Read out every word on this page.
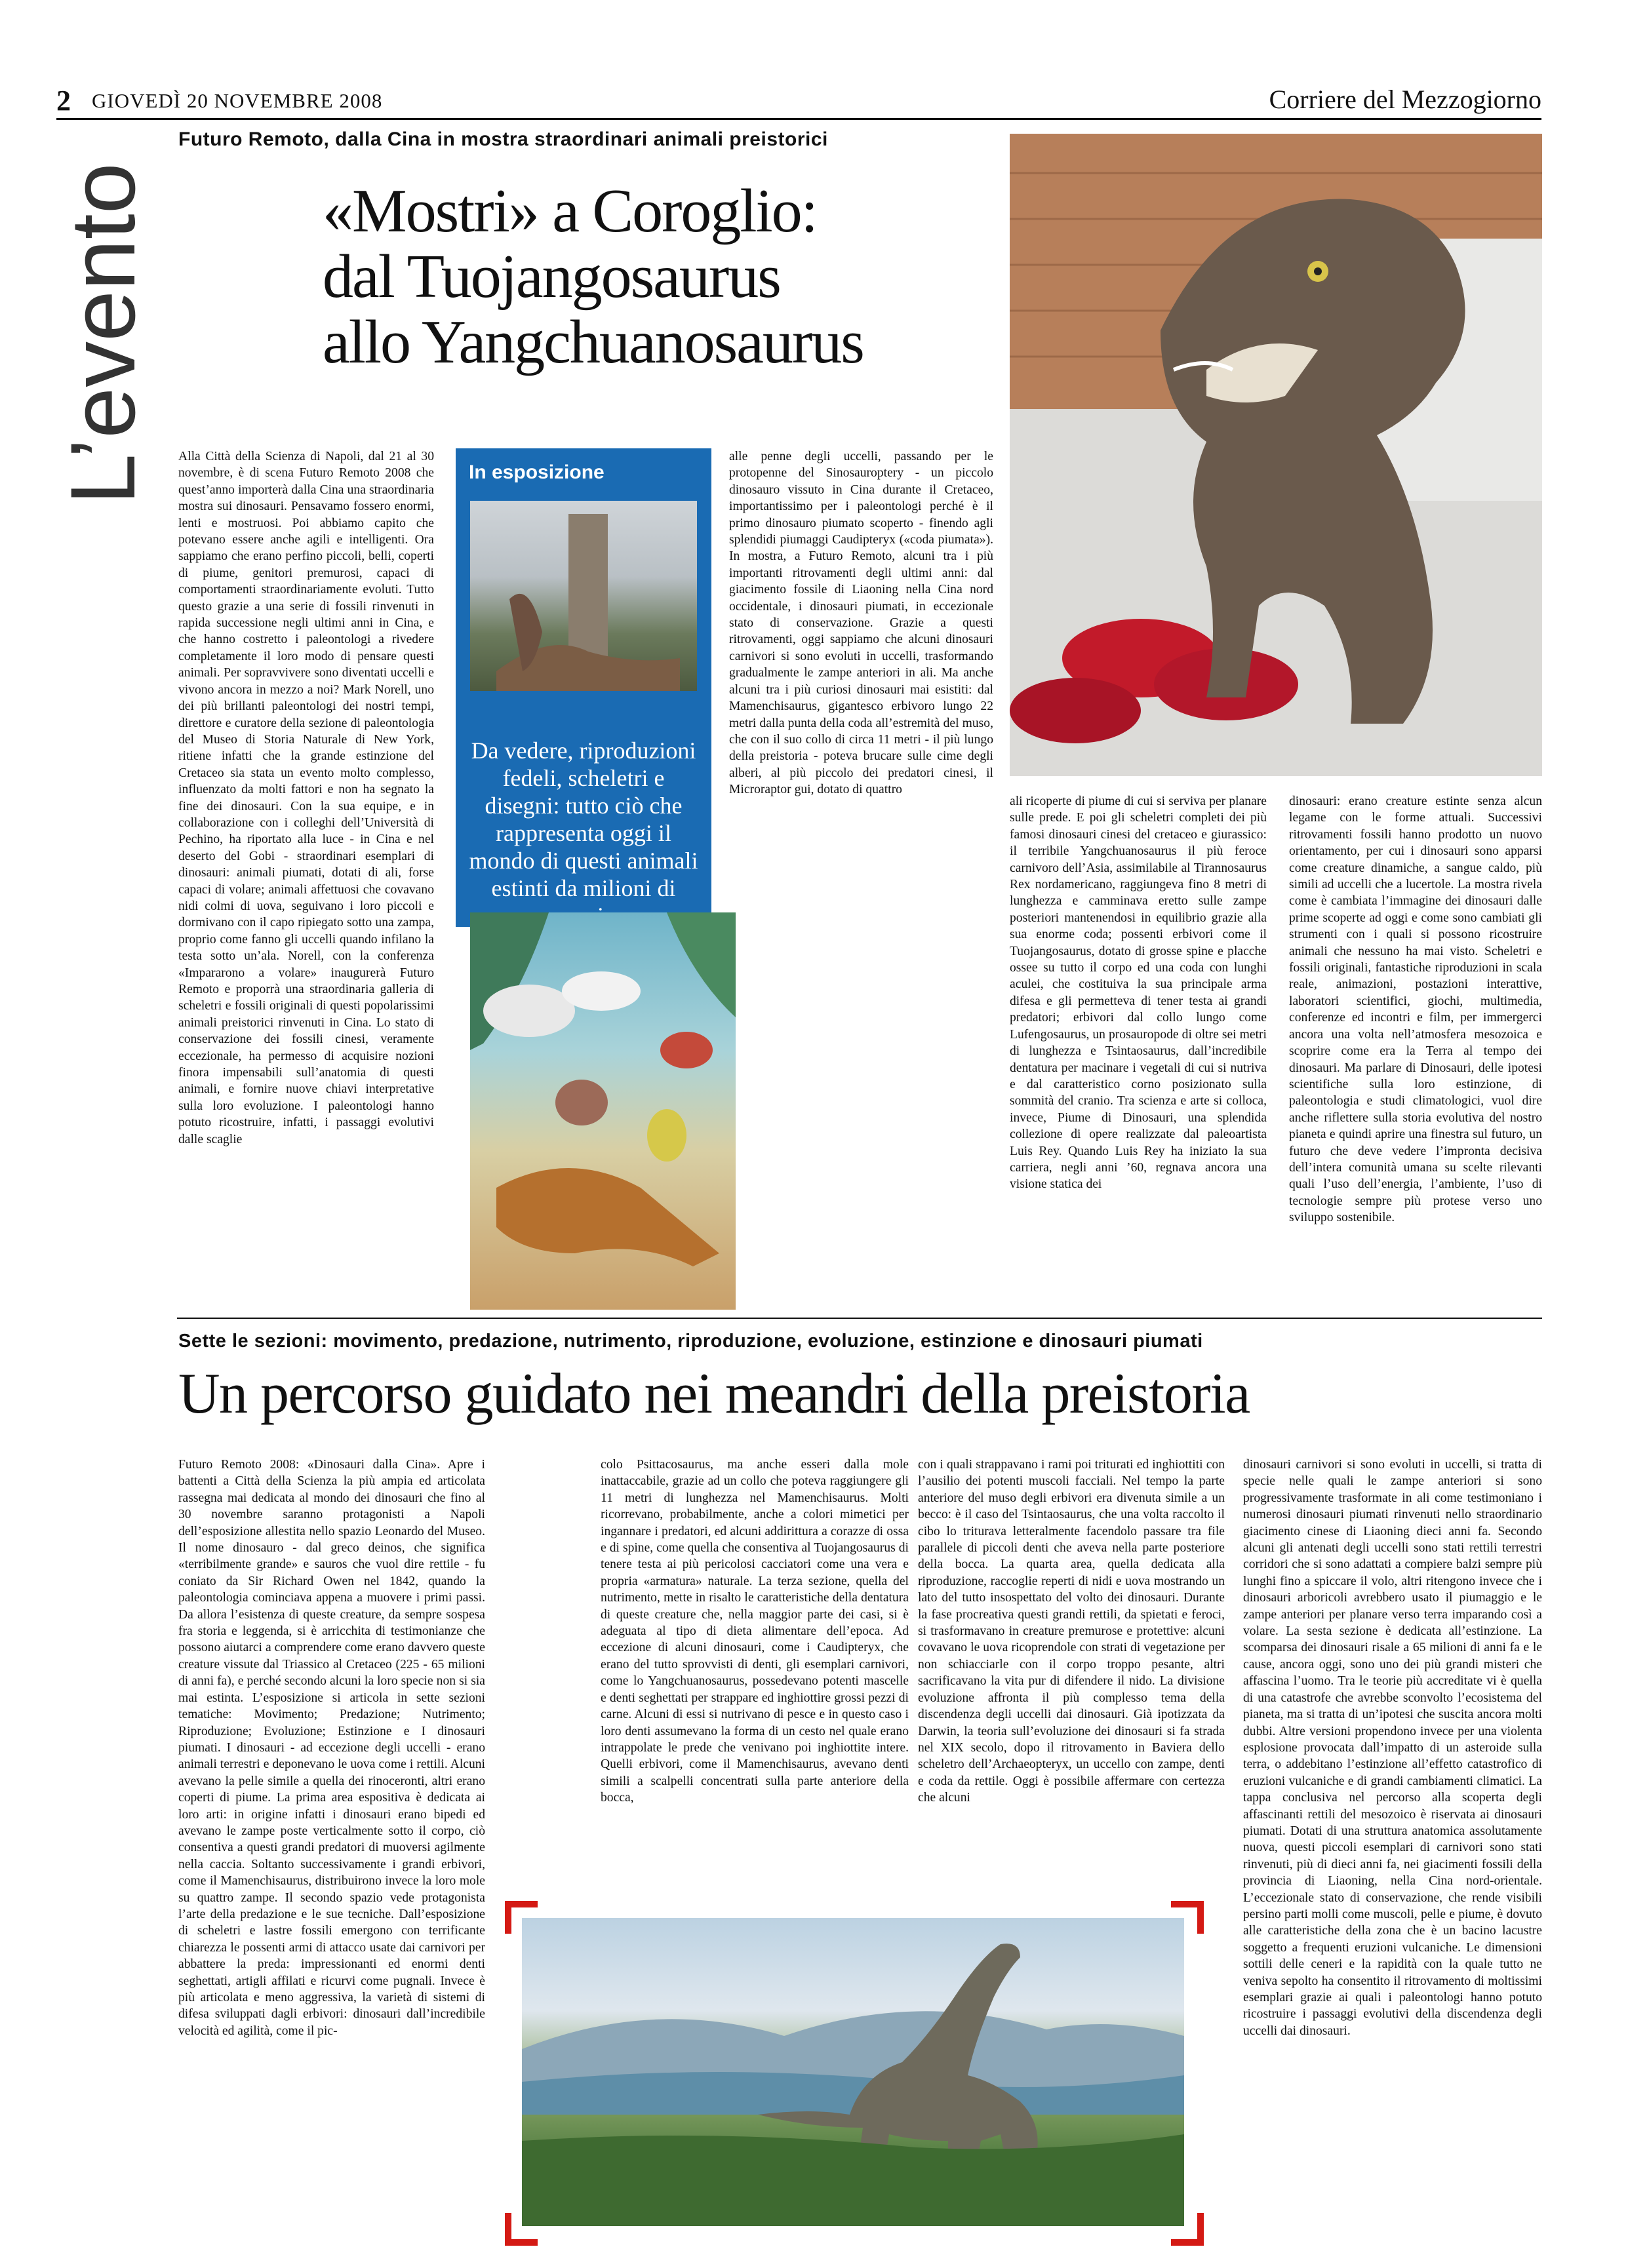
2 GIOVEDÌ 20 NOVEMBRE 2008	Corriere del Mezzogiorno
L’evento
Futuro Remoto, dalla Cina in mostra straordinari animali preistorici
«Mostri» a Coroglio:
dal Tuojangosaurus
allo Yangchuanosaurus

Alla Città della Scienza di Napoli, dal 21 al 30 novembre, è di scena Futuro Remoto 2008 che quest’anno importerà dalla Cina una straordinaria mostra sui dinosauri. Pensavamo fossero enormi, lenti e mostruosi. Poi abbiamo capito che potevano essere anche agili e intelligenti. Ora sappiamo che erano perfino piccoli, belli, coperti di piume, genitori premurosi, capaci di comportamenti straordinariamente evoluti. Tutto questo grazie a una serie di fossili rinvenuti in rapida successione negli ultimi anni in Cina, e che hanno costretto i paleontologi a rivedere completamente il loro modo di pensare questi animali. Per sopravvivere sono diventati uccelli e vivono ancora in mezzo a noi? Mark Norell, uno dei più brillanti paleontologi dei nostri tempi, direttore e curatore della sezione di paleontologia del Museo di Storia Naturale di New York, ritiene infatti che la grande estinzione del Cretaceo sia stata un evento molto complesso, influenzato da molti fattori e non ha segnato la fine dei dinosauri. Con la sua equipe, e in collaborazione con i colleghi dell’Università di Pechino, ha riportato alla luce - in Cina e nel deserto del Gobi - straordinari esemplari di dinosauri: animali piumati, dotati di ali, forse capaci di volare; animali affettuosi che covavano nidi colmi di uova, seguivano i loro piccoli e dormivano con il capo ripiegato sotto una zampa, proprio come fanno gli uccelli quando infilano la testa sotto un’ala. Norell, con la conferenza «Impararono a volare» inaugurerà Futuro Remoto e proporrà una straordinaria galleria di scheletri e fossili originali di questi popolarissimi animali preistorici rinvenuti in Cina. Lo stato di conservazione dei fossili cinesi, veramente eccezionale, ha permesso di acquisire nozioni finora impensabili sull’anatomia di questi animali, e fornire nuove chiavi interpretative sulla loro evoluzione. I paleontologi hanno potuto ricostruire, infatti, i passaggi evolutivi dalle scaglie

In esposizione
Da vedere, riproduzioni fedeli, scheletri e disegni: tutto ciò che rappresenta oggi il mondo di questi animali estinti da milioni di

alle penne degli uccelli, passando per le protopenne del Sinosauroptery - un piccolo dinosauro vissuto in Cina durante il Cretaceo, importantissimo per i paleontologi perché è il primo dinosauro piumato scoperto - finendo agli splendidi piumaggi Caudipteryx («coda piumata»). In mostra, a Futuro Remoto, alcuni tra i più importanti ritrovamenti degli ultimi anni: dal giacimento fossile di Liaoning nella Cina nord occidentale, i dinosauri piumati, in eccezionale stato di conservazione. Grazie a questi ritrovamenti, oggi sappiamo che alcuni dinosauri carnivori si sono evoluti in uccelli, trasformando gradualmente le zampe anteriori in ali. Ma anche alcuni tra i più curiosi dinosauri mai esistiti: dal Mamenchisaurus, gigantesco erbivoro lungo 22 metri dalla punta della coda all’estremità del muso, che con il suo collo di circa 11 metri - il più lungo della preistoria - poteva brucare sulle cime degli alberi, al più piccolo dei predatori cinesi, il Microraptor gui, dotato di quattro

ali ricoperte di piume di cui si serviva per planare sulle prede. E poi gli scheletri completi dei più famosi dinosauri cinesi del cretaceo e giurassico: il terribile Yangchuanosaurus il più feroce carnivoro dell’Asia, assimilabile al Tirannosaurus Rex nordamericano, raggiungeva fino 8 metri di lunghezza e camminava eretto sulle zampe posteriori mantenendosi in equilibrio grazie alla sua enorme coda; possenti erbivori come il Tuojangosaurus, dotato di grosse spine e placche ossee su tutto il corpo ed una coda con lunghi aculei, che costituiva la sua principale arma difesa e gli permetteva di tener testa ai grandi predatori; erbivori dal collo lungo come Lufengosaurus, un prosauropode di oltre sei metri di lunghezza e Tsintaosaurus, dall’incredibile dentatura per macinare i vegetali di cui si nutriva e dal caratteristico corno posizionato sulla sommità del cranio. Tra scienza e arte si colloca, invece, Piume di Dinosauri, una splendida collezione di opere realizzate dal paleoartista Luis Rey. Quando Luis Rey ha iniziato la sua carriera, negli anni ’60, regnava ancora una visione statica dei

dinosauri: erano creature estinte senza alcun legame con le forme attuali. Successivi ritrovamenti fossili hanno prodotto un nuovo orientamento, per cui i dinosauri sono apparsi come creature dinamiche, a sangue caldo, più simili ad uccelli che a lucertole. La mostra rivela come è cambiata l’immagine dei dinosauri dalle prime scoperte ad oggi e come sono cambiati gli strumenti con i quali si possono ricostruire animali che nessuno ha mai visto. Scheletri e fossili originali, fantastiche riproduzioni in scala reale, animazioni, postazioni interattive, laboratori scientifici, giochi, multimedia, conferenze ed incontri e film, per immergerci ancora una volta nell’atmosfera mesozoica e scoprire come era la Terra al tempo dei dinosauri. Ma parlare di Dinosauri, delle ipotesi scientifiche sulla loro estinzione, di paleontologia e studi climatologici, vuol dire anche riflettere sulla storia evolutiva del nostro pianeta e quindi aprire una finestra sul futuro, un futuro che deve vedere l’impronta decisiva dell’intera comunità umana su scelte rilevanti quali l’uso dell’energia, l’ambiente, l’uso di tecnologie sempre più protese verso uno sviluppo sostenibile.

Sette le sezioni: movimento, predazione, nutrimento, riproduzione, evoluzione, estinzione e dinosauri piumati
Un percorso guidato nei meandri della preistoria

Futuro Remoto 2008: «Dinosauri dalla Cina». Apre i battenti a Città della Scienza la più ampia ed articolata rassegna mai dedicata al mondo dei dinosauri che fino al 30 novembre saranno protagonisti a Napoli dell’esposizione allestita nello spazio Leonardo del Museo. Il nome dinosauro - dal greco deinos, che significa «terribilmente grande» e sauros che vuol dire rettile - fu coniato da Sir Richard Owen nel 1842, quando la paleontologia cominciava appena a muovere i primi passi. Da allora l’esistenza di queste creature, da sempre sospesa fra storia e leggenda, si è arricchita di testimonianze che possono aiutarci a comprendere come erano davvero queste creature vissute dal Triassico al Cretaceo (225 - 65 milioni di anni fa), e perché secondo alcuni la loro specie non si sia mai estinta. L’esposizione si articola in sette sezioni tematiche: Movimento; Predazione; Nutrimento; Riproduzione; Evoluzione; Estinzione e I dinosauri piumati. I dinosauri - ad eccezione degli uccelli - erano animali terrestri e deponevano le uova come i rettili. Alcuni avevano la pelle simile a quella dei rinoceronti, altri erano coperti di piume. La prima area espositiva è dedicata ai loro arti: in origine infatti i dinosauri erano bipedi ed avevano le zampe poste verticalmente sotto il corpo, ciò consentiva a questi grandi predatori di muoversi agilmente nella caccia. Soltanto successivamente i grandi erbivori, come il Mamenchisaurus, distribuirono invece la loro mole su quattro zampe. Il secondo spazio vede protagonista l’arte della predazione e le sue tecniche. Dall’esposizione di scheletri e lastre fossili emergono con terrificante chiarezza le possenti armi di attacco usate dai carnivori per abbattere la preda: impressionanti ed enormi denti seghettati, artigli affilati e ricurvi come pugnali. Invece è più articolata e meno aggressiva, la varietà di sistemi di difesa sviluppati dagli erbivori: dinosauri dall’incredibile velocità ed agilità, come il pic-

colo Psittacosaurus, ma anche esseri dalla mole inattaccabile, grazie ad un collo che poteva raggiungere gli 11 metri di lunghezza nel Mamenchisaurus. Molti ricorrevano, probabilmente, anche a colori mimetici per ingannare i predatori, ed alcuni addirittura a corazze di ossa e di spine, come quella che consentiva al Tuojangosaurus di tenere testa ai più pericolosi cacciatori come una vera e propria «armatura» naturale. La terza sezione, quella del nutrimento, mette in risalto le caratteristiche della dentatura di queste creature che, nella maggior parte dei casi, si è adeguata al tipo di dieta alimentare dell’epoca. Ad eccezione di alcuni dinosauri, come i Caudipteryx, che erano del tutto sprovvisti di denti, gli esemplari carnivori, come lo Yangchuanosaurus, possedevano potenti mascelle e denti seghettati per strappare ed inghiottire grossi pezzi di carne. Alcuni di essi si nutrivano di pesce e in questo caso i loro denti assumevano la forma di un cesto nel quale erano intrappolate le prede che venivano poi inghiottite intere. Quelli erbivori, come il Mamenchisaurus, avevano denti simili a scalpelli concentrati sulla parte anteriore della bocca,

con i quali strappavano i rami poi triturati ed inghiottiti con l’ausilio dei potenti muscoli facciali. Nel tempo la parte anteriore del muso degli erbivori era divenuta simile a un becco: è il caso del Tsintaosaurus, che una volta raccolto il cibo lo triturava letteralmente facendolo passare tra file parallele di piccoli denti che aveva nella parte posteriore della bocca. La quarta area, quella dedicata alla riproduzione, raccoglie reperti di nidi e uova mostrando un lato del tutto insospettato del volto dei dinosauri. Durante la fase procreativa questi grandi rettili, da spietati e feroci, si trasformavano in creature premurose e protettive: alcuni covavano le uova ricoprendole con strati di vegetazione per non schiacciarle con il corpo troppo pesante, altri sacrificavano la vita pur di difendere il nido. La divisione evoluzione affronta il più complesso tema della discendenza degli uccelli dai dinosauri. Già ipotizzata da Darwin, la teoria sull’evoluzione dei dinosauri si fa strada nel XIX secolo, dopo il ritrovamento in Baviera dello scheletro dell’Archaeopteryx, un uccello con zampe, denti e coda da rettile. Oggi è possibile affermare con certezza che alcuni

dinosauri carnivori si sono evoluti in uccelli, si tratta di specie nelle quali le zampe anteriori si sono progressivamente trasformate in ali come testimoniano i numerosi dinosauri piumati rinvenuti nello straordinario giacimento cinese di Liaoning dieci anni fa. Secondo alcuni gli antenati degli uccelli sono stati rettili terrestri corridori che si sono adattati a compiere balzi sempre più lunghi fino a spiccare il volo, altri ritengono invece che i dinosauri arboricoli avrebbero usato il piumaggio e le zampe anteriori per planare verso terra imparando così a volare. La sesta sezione è dedicata all’estinzione. La scomparsa dei dinosauri risale a 65 milioni di anni fa e le cause, ancora oggi, sono uno dei più grandi misteri che affascina l’uomo. Tra le teorie più accreditate vi è quella di una catastrofe che avrebbe sconvolto l’ecosistema del pianeta, ma si tratta di un’ipotesi che suscita ancora molti dubbi. Altre versioni propendono invece per una violenta esplosione provocata dall’impatto di un asteroide sulla terra, o addebitano l’estinzione all’effetto catastrofico di eruzioni vulcaniche e di grandi cambiamenti climatici. La tappa conclusiva nel percorso alla scoperta degli affascinanti rettili del mesozoico è riservata ai dinosauri piumati. Dotati di una struttura anatomica assolutamente nuova, questi piccoli esemplari di carnivori sono stati rinvenuti, più di dieci anni fa, nei giacimenti fossili della provincia di Liaoning, nella Cina nord-orientale. L’eccezionale stato di conservazione, che rende visibili persino parti molli come muscoli, pelle e piume, è dovuto alle caratteristiche della zona che è un bacino lacustre soggetto a frequenti eruzioni vulcaniche. Le dimensioni sottili delle ceneri e la rapidità con la quale tutto ne veniva sepolto ha consentito il ritrovamento di moltissimi esemplari grazie ai quali i paleontologi hanno potuto ricostruire i passaggi evolutivi della discendenza degli uccelli dai dinosauri.
